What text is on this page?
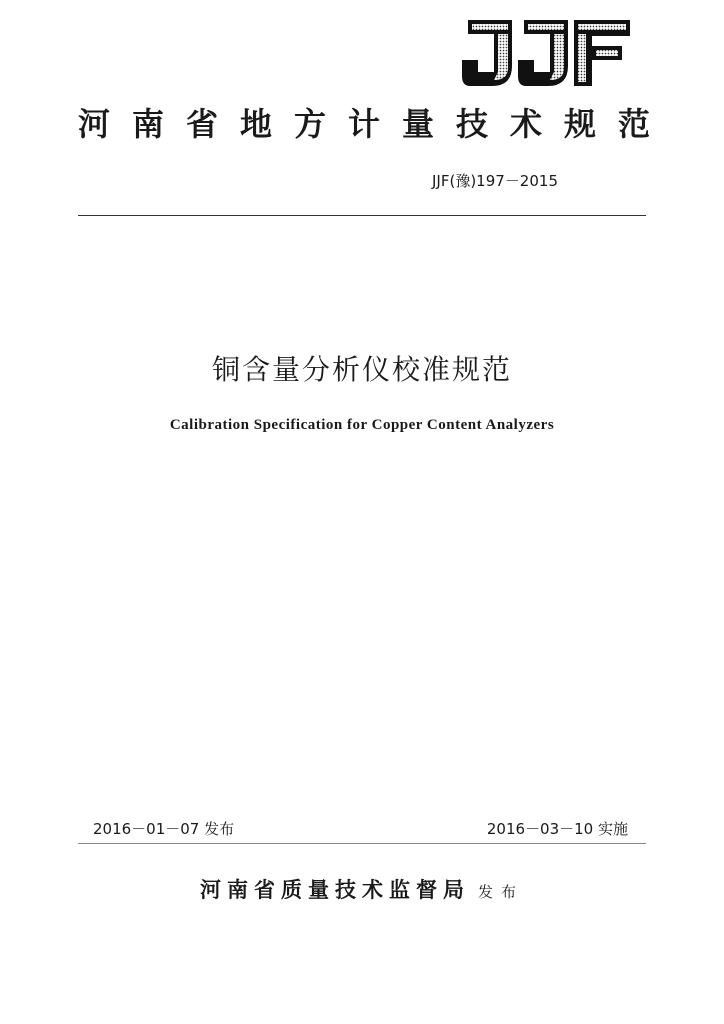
河南省地方计量技术规范
JJF(豫)197－2015
铜含量分析仪校准规范
Calibration Specification for Copper Content Analyzers
2016－01－07 发布	2016－03－10 实施
河南省质量技术监督局 发布
